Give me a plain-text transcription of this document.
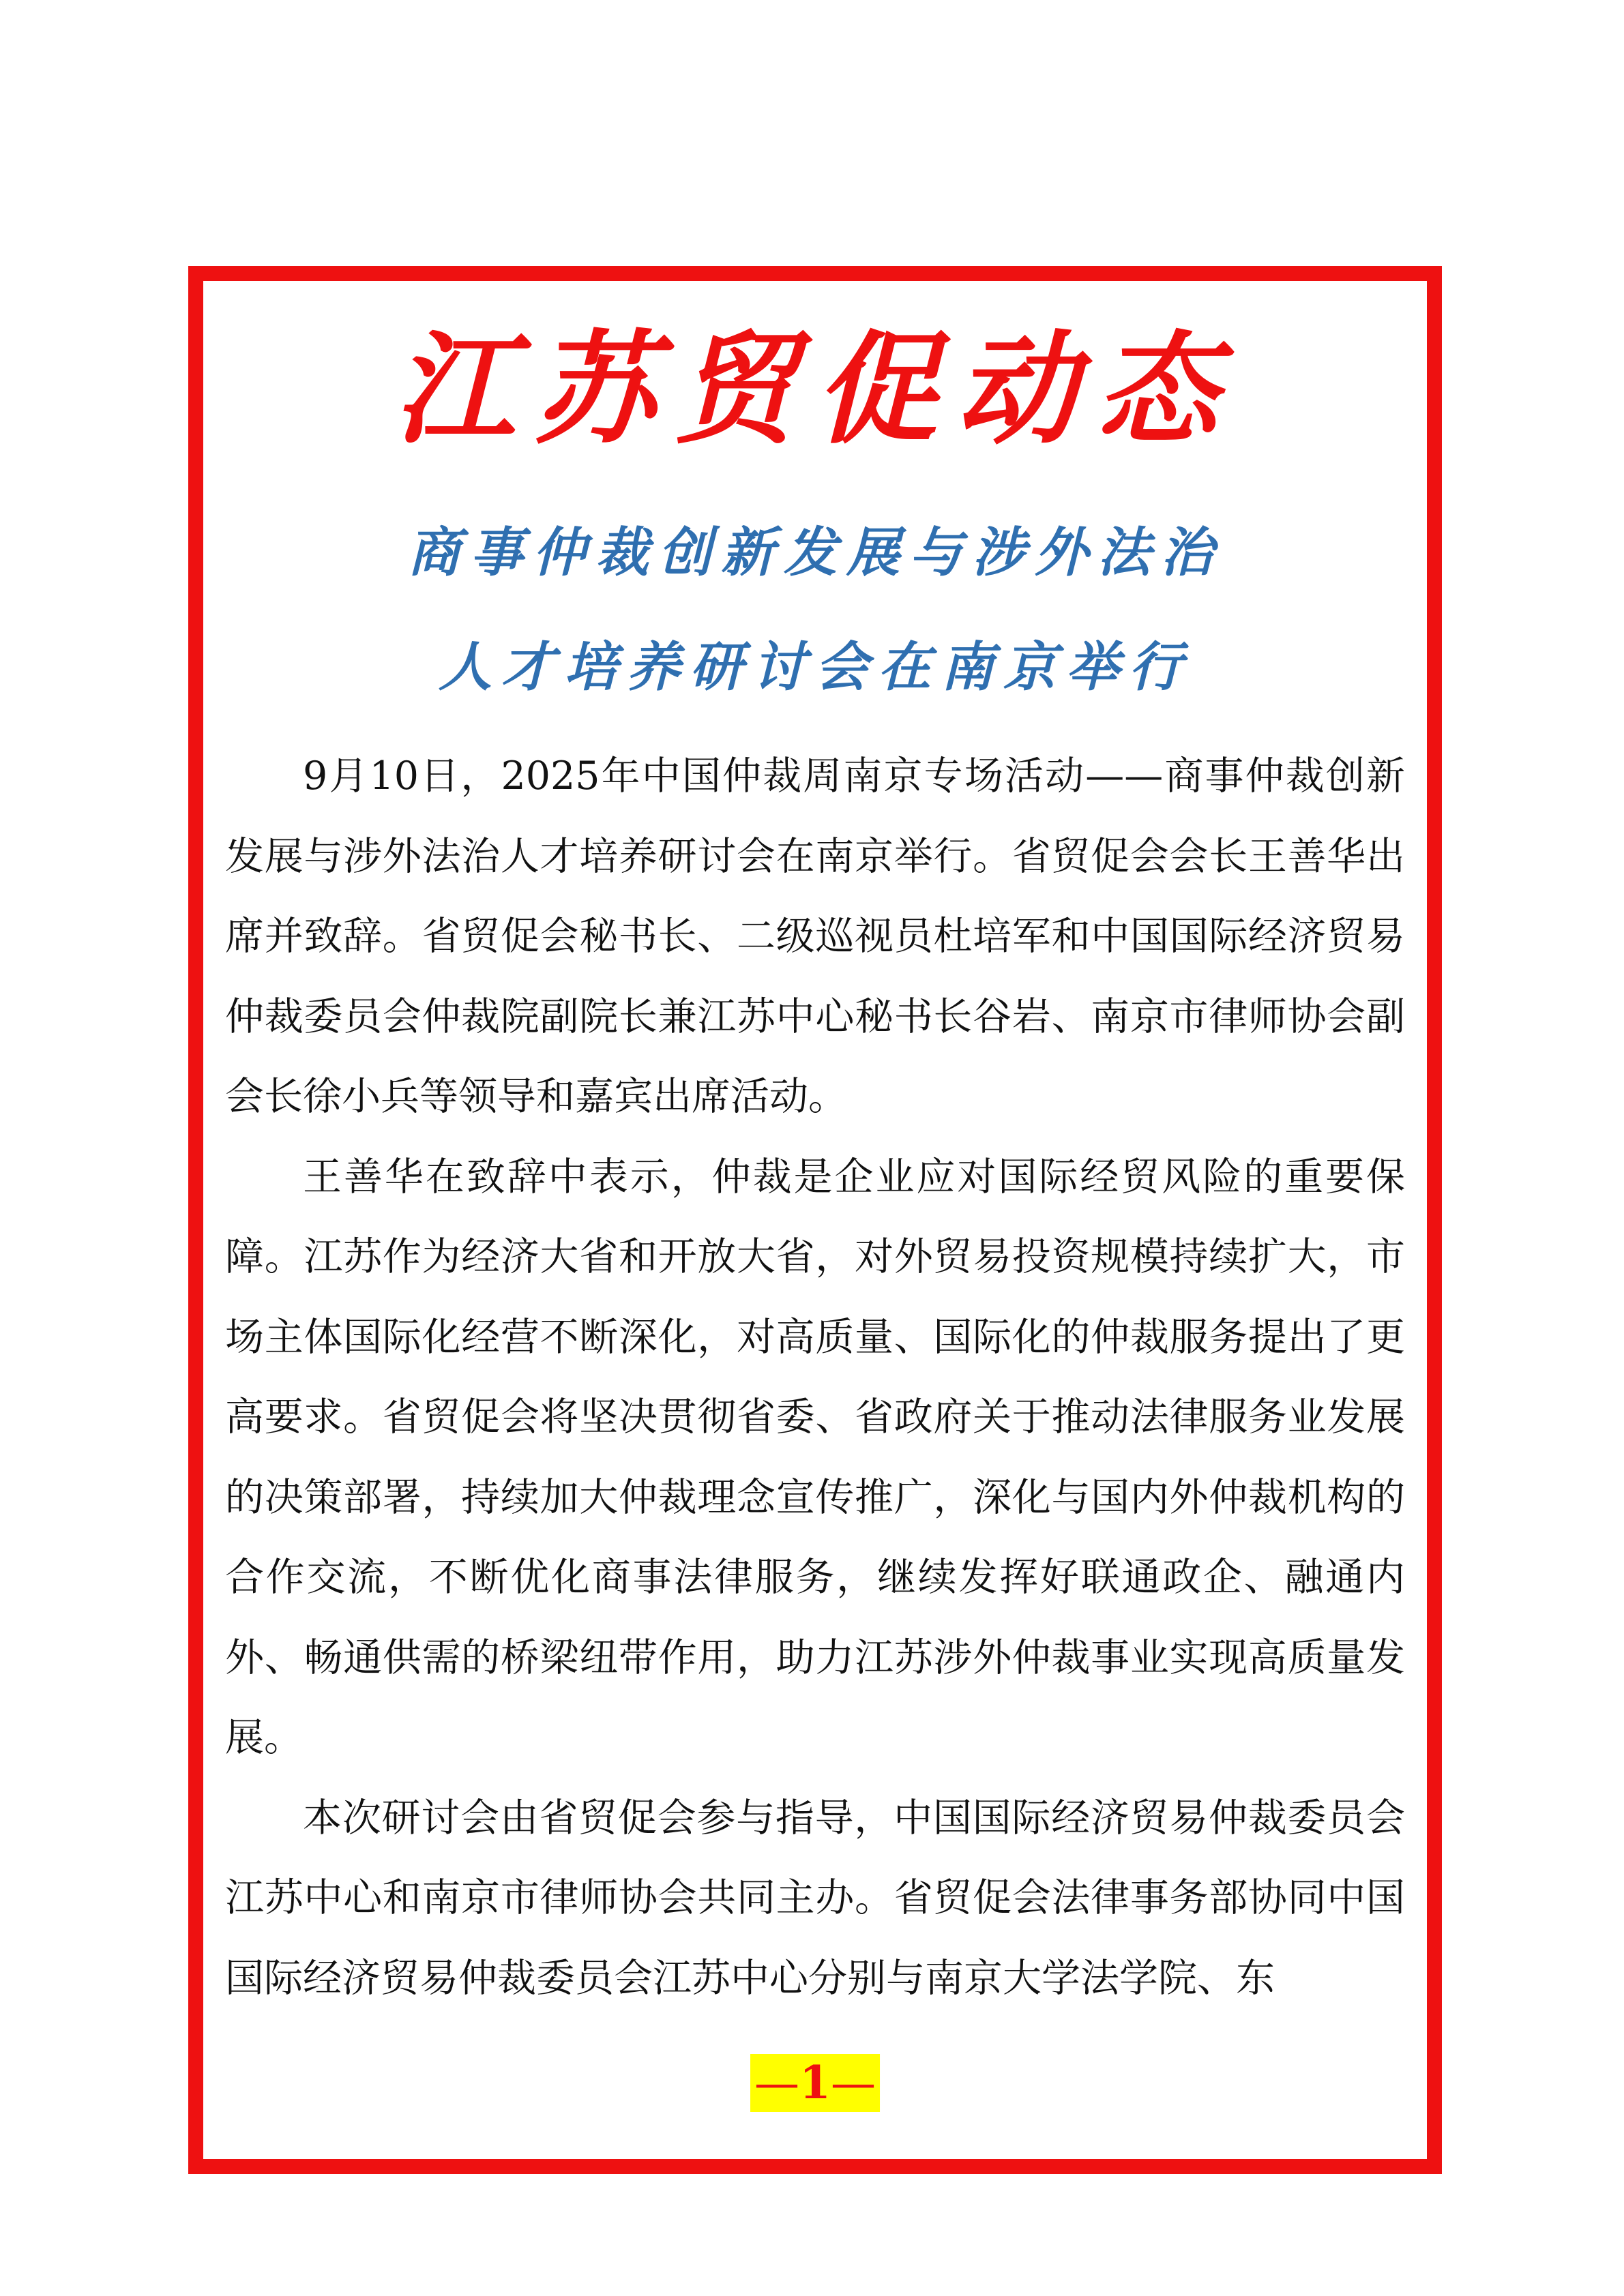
江苏贸促动态
商事仲裁创新发展与涉外法治
人才培养研讨会在南京举行

9月10日，2025年中国仲裁周南京专场活动——商事仲裁创新发展与涉外法治人才培养研讨会在南京举行。省贸促会会长王善华出席并致辞。省贸促会秘书长、二级巡视员杜培军和中国国际经济贸易仲裁委员会仲裁院副院长兼江苏中心秘书长谷岩、南京市律师协会副会长徐小兵等领导和嘉宾出席活动。

王善华在致辞中表示，仲裁是企业应对国际经贸风险的重要保障。江苏作为经济大省和开放大省，对外贸易投资规模持续扩大，市场主体国际化经营不断深化，对高质量、国际化的仲裁服务提出了更高要求。省贸促会将坚决贯彻省委、省政府关于推动法律服务业发展的决策部署，持续加大仲裁理念宣传推广，深化与国内外仲裁机构的合作交流，不断优化商事法律服务，继续发挥好联通政企、融通内外、畅通供需的桥梁纽带作用，助力江苏涉外仲裁事业实现高质量发展。

本次研讨会由省贸促会参与指导，中国国际经济贸易仲裁委员会江苏中心和南京市律师协会共同主办。省贸促会法律事务部协同中国国际经济贸易仲裁委员会江苏中心分别与南京大学法学院、东

—1—
